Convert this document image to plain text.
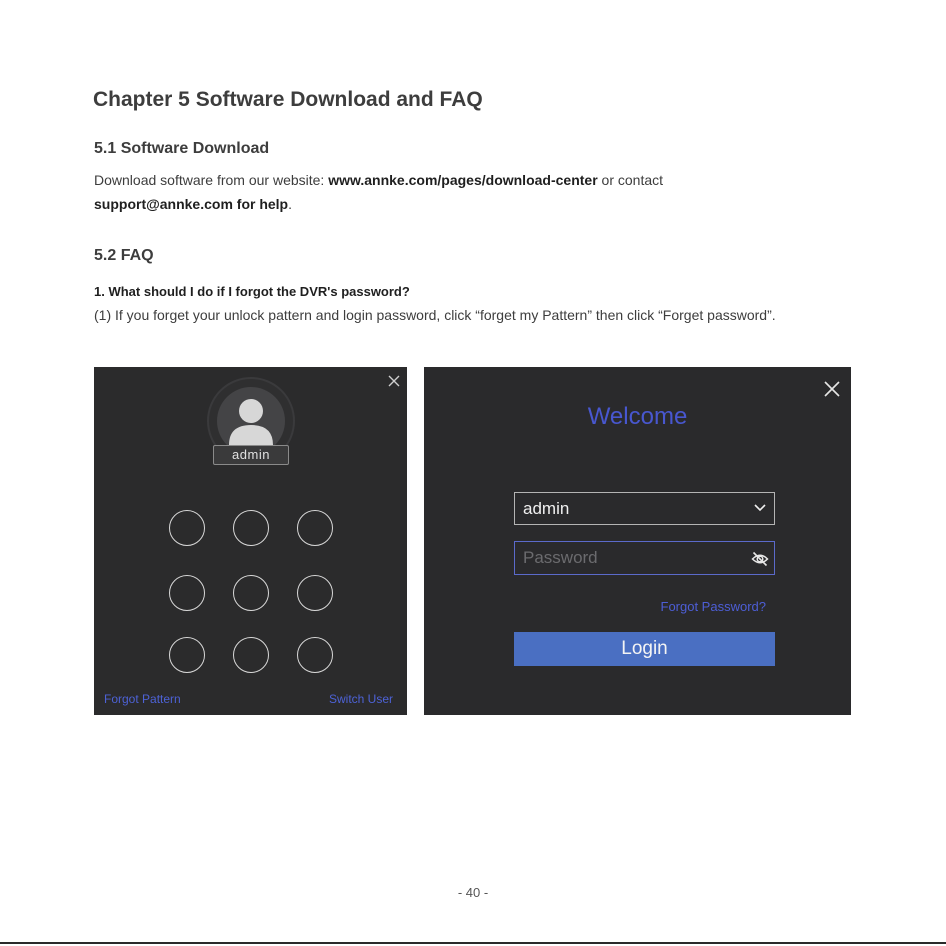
Chapter 5 Software Download and FAQ
5.1 Software Download

Download software from our website: www.annke.com/pages/download-center or contact
support@annke.com for help.

5.2 FAQ

1. What should I do if I forgot the DVR's password?

(1) If you forget your unlock pattern and login password, click “forget my Pattern” then click “Forget password”.

admin
Forgot Pattern	Switch User
Welcome
admin
Forgot Password?
Login
- 40 -
